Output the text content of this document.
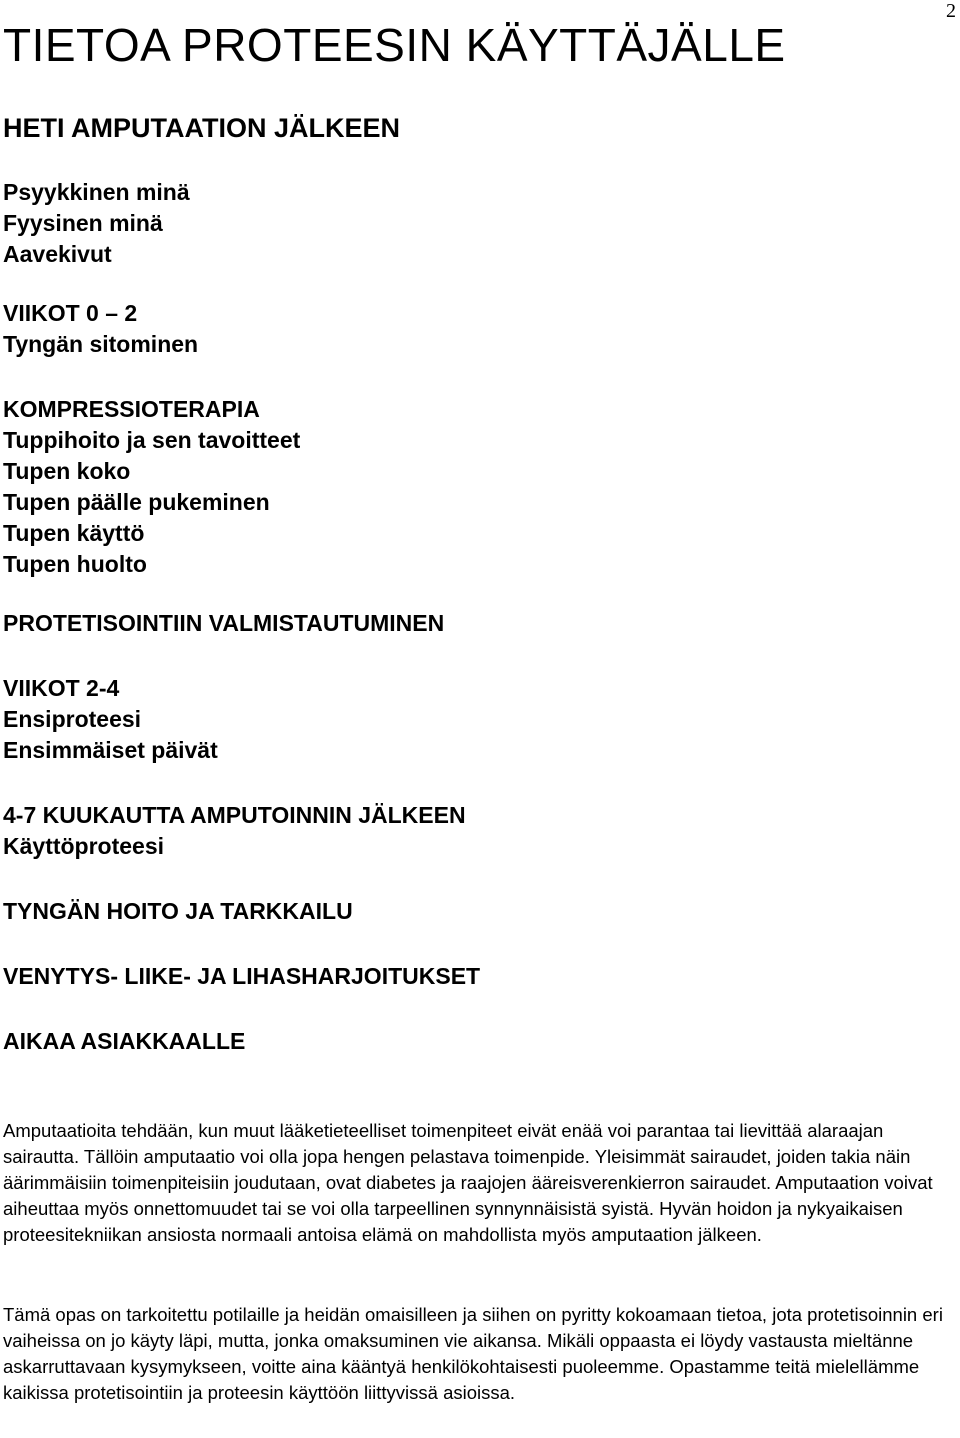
2
TIETOA PROTEESIN KÄYTTÄJÄLLE

HETI AMPUTAATION JÄLKEEN

Psyykkinen minä

Fyysinen minä

Aavekivut

VIIKOT 0 – 2

Tyngän sitominen

KOMPRESSIOTERAPIA

Tuppihoito ja sen tavoitteet

Tupen koko

Tupen päälle pukeminen

Tupen käyttö

Tupen huolto

PROTETISOINTIIN VALMISTAUTUMINEN

VIIKOT 2-4

Ensiproteesi

Ensimmäiset päivät

4-7 KUUKAUTTA AMPUTOINNIN JÄLKEEN

Käyttöproteesi

TYNGÄN HOITO JA TARKKAILU

VENYTYS- LIIKE- JA LIHASHARJOITUKSET

AIKAA ASIAKKAALLE

Amputaatioita tehdään, kun muut lääketieteelliset toimenpiteet eivät enää voi parantaa tai lievittää alaraajan sairautta. Tällöin amputaatio voi olla jopa hengen pelastava toimenpide. Yleisimmät sairaudet, joiden takia näin äärimmäisiin toimenpiteisiin joudutaan, ovat diabetes ja raajojen ääreisverenkierron sairaudet. Amputaation voivat aiheuttaa myös onnettomuudet tai se voi olla tarpeellinen synnynnäisistä syistä. Hyvän hoidon ja nykyaikaisen proteesitekniikan ansiosta normaali antoisa elämä on mahdollista myös amputaation jälkeen.

Tämä opas on tarkoitettu potilaille ja heidän omaisilleen ja siihen on pyritty kokoamaan tietoa, jota protetisoinnin eri vaiheissa on jo käyty läpi, mutta, jonka omaksuminen vie aikansa. Mikäli oppaasta ei löydy vastausta mieltänne askarruttavaan kysymykseen, voitte aina kääntyä henkilökohtaisesti puoleemme. Opastamme teitä mielellämme kaikissa protetisointiin ja proteesin käyttöön liittyvissä asioissa.
